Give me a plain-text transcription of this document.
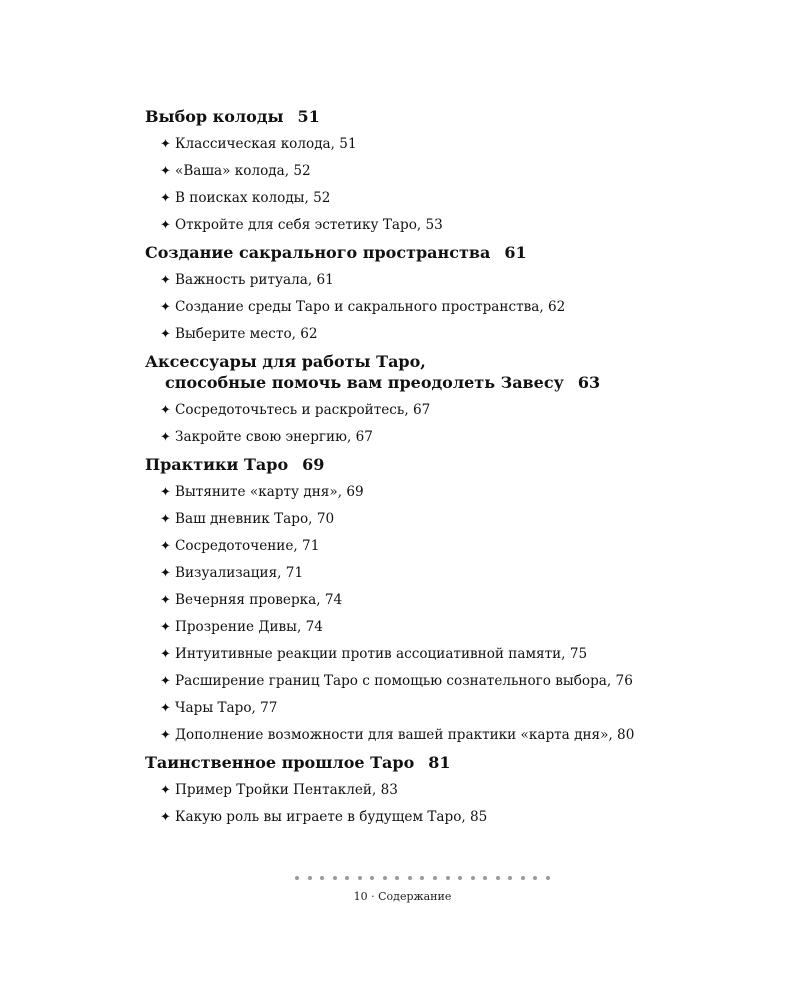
Выбор колоды 51
✦ Классическая колода, 51
✦ «Ваша» колода, 52
✦ В поисках колоды, 52
✦ Откройте для себя эстетику Таро, 53
Создание сакрального пространства 61
✦ Важность ритуала, 61
✦ Создание среды Таро и сакрального пространства, 62
✦ Выберите место, 62
Аксессуары для работы Таро,
способные помочь вам преодолеть Завесу 63
✦ Сосредоточьтесь и раскройтесь, 67
✦ Закройте свою энергию, 67
Практики Таро 69
✦ Вытяните «карту дня», 69
✦ Ваш дневник Таро, 70
✦ Сосредоточение, 71
✦ Визуализация, 71
✦ Вечерняя проверка, 74
✦ Прозрение Дивы, 74
✦ Интуитивные реакции против ассоциативной памяти, 75
✦ Расширение границ Таро с помощью сознательного выбора, 76
✦ Чары Таро, 77
✦ Дополнение возможности для вашей практики «карта дня», 80
Таинственное прошлое Таро 81
✦ Пример Тройки Пентаклей, 83
✦ Какую роль вы играете в будущем Таро, 85
10 · Содержание
